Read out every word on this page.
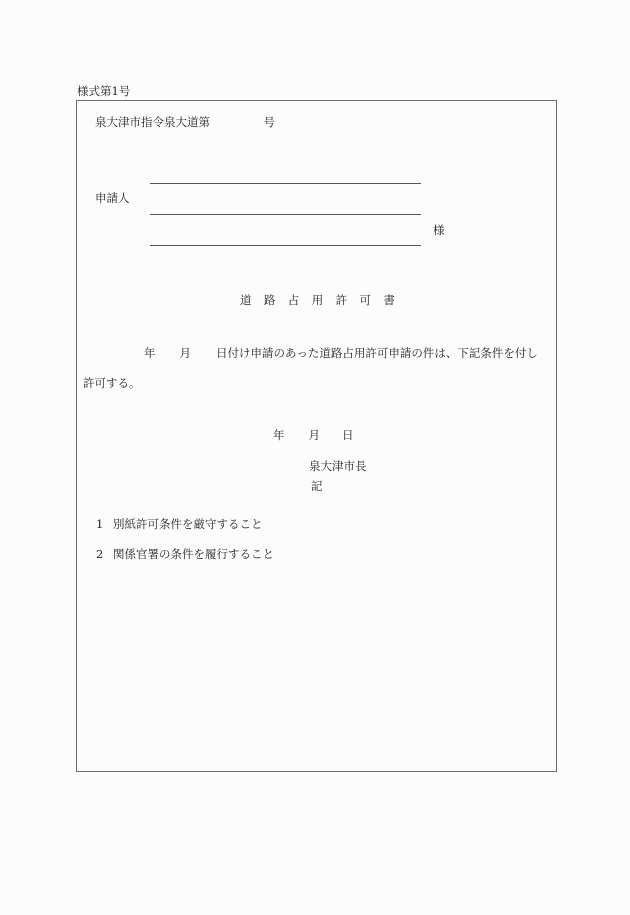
様式第1号
泉大津市指令泉大道第	号
申請人
様
道路占用許可書
年 月 日付け申請のあった道路占用許可申請の件は、下記条件を付し
許可する。
年 月 日
泉大津市長
記
1 別紙許可条件を厳守すること
2 関係官署の条件を履行すること
